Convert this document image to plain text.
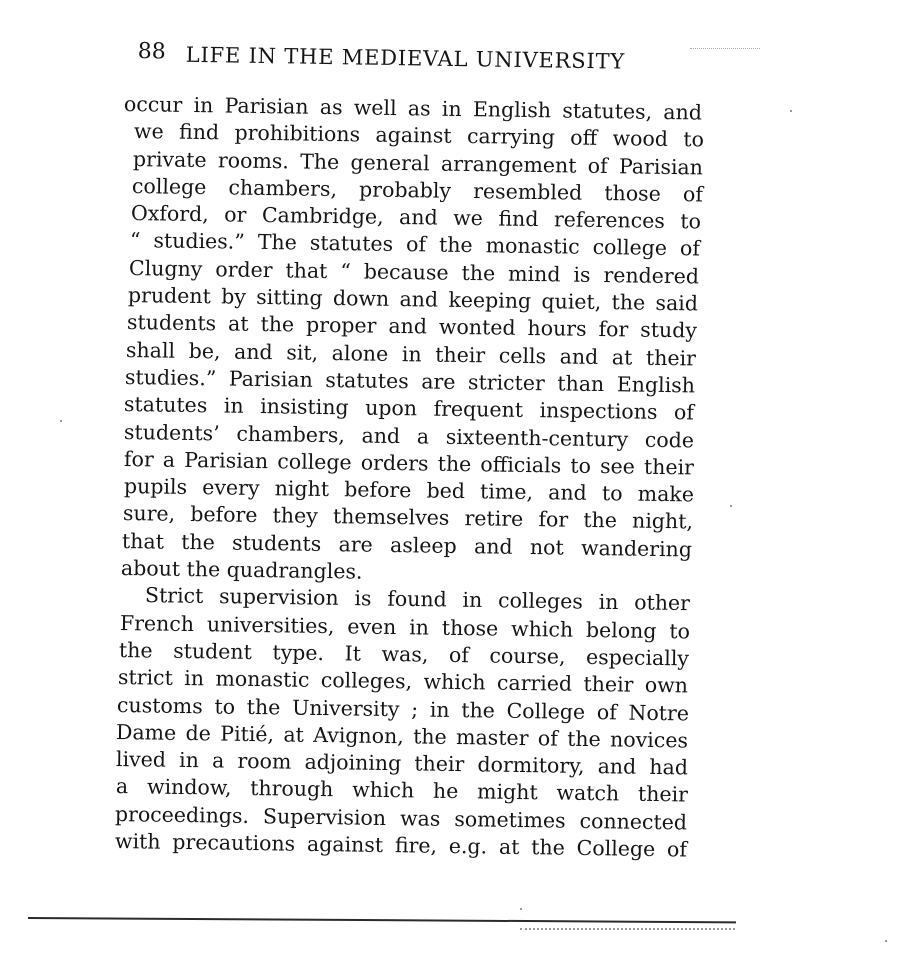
88 LIFE IN THE MEDIEVAL UNIVERSITY
occur in Parisian as well as in English statutes, and
we find prohibitions against carrying off wood to
private rooms. The general arrangement of Parisian
college chambers, probably resembled those of
Oxford, or Cambridge, and we find references to
“ studies.” The statutes of the monastic college of
Clugny order that “ because the mind is rendered
prudent by sitting down and keeping quiet, the said
students at the proper and wonted hours for study
shall be, and sit, alone in their cells and at their
studies.” Parisian statutes are stricter than English
statutes in insisting upon frequent inspections of
students’ chambers, and a sixteenth-century code
for a Parisian college orders the officials to see their
pupils every night before bed time, and to make
sure, before they themselves retire for the night,
that the students are asleep and not wandering
about the quadrangles.
Strict supervision is found in colleges in other
French universities, even in those which belong to
the student type. It was, of course, especially
strict in monastic colleges, which carried their own
customs to the University ; in the College of Notre
Dame de Pitié, at Avignon, the master of the novices
lived in a room adjoining their dormitory, and had
a window, through which he might watch their
proceedings. Supervision was sometimes connected
with precautions against fire, e.g. at the College of
